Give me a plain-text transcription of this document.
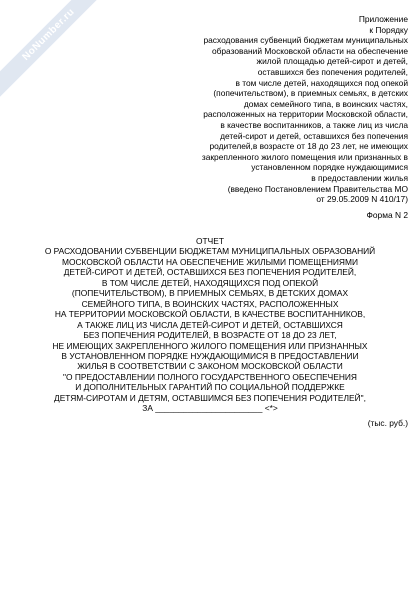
NoNumber.ru	Приложение
к Порядку
расходования субвенций бюджетам муниципальных
образований Московской области на обеспечение
жилой площадью детей-сирот и детей,
оставшихся без попечения родителей,
в том числе детей, находящихся под опекой
(попечительством), в приемных семьях, в детских
домах семейного типа, в воинских частях,
расположенных на территории Московской области,
в качестве воспитанников, а также лиц из числа
детей-сирот и детей, оставшихся без попечения
родителей,в возрасте от 18 до 23 лет, не имеющих
закрепленного жилого помещения или признанных в
установленном порядке нуждающимися
в предоставлении жилья
(введено Постановлением Правительства МО
от 29.05.2009 N 410/17)
Форма N 2
ОТЧЕТ
О РАСХОДОВАНИИ СУБВЕНЦИИ БЮДЖЕТАМ МУНИЦИПАЛЬНЫХ ОБРАЗОВАНИЙ
МОСКОВСКОЙ ОБЛАСТИ НА ОБЕСПЕЧЕНИЕ ЖИЛЫМИ ПОМЕЩЕНИЯМИ
ДЕТЕЙ-СИРОТ И ДЕТЕЙ, ОСТАВШИХСЯ БЕЗ ПОПЕЧЕНИЯ РОДИТЕЛЕЙ,
В ТОМ ЧИСЛЕ ДЕТЕЙ, НАХОДЯЩИХСЯ ПОД ОПЕКОЙ
(ПОПЕЧИТЕЛЬСТВОМ), В ПРИЕМНЫХ СЕМЬЯХ, В ДЕТСКИХ ДОМАХ
СЕМЕЙНОГО ТИПА, В ВОИНСКИХ ЧАСТЯХ, РАСПОЛОЖЕННЫХ
НА ТЕРРИТОРИИ МОСКОВСКОЙ ОБЛАСТИ, В КАЧЕСТВЕ ВОСПИТАННИКОВ,
А ТАКЖЕ ЛИЦ ИЗ ЧИСЛА ДЕТЕЙ-СИРОТ И ДЕТЕЙ, ОСТАВШИХСЯ
БЕЗ ПОПЕЧЕНИЯ РОДИТЕЛЕЙ, В ВОЗРАСТЕ ОТ 18 ДО 23 ЛЕТ,
НЕ ИМЕЮЩИХ ЗАКРЕПЛЕННОГО ЖИЛОГО ПОМЕЩЕНИЯ ИЛИ ПРИЗНАННЫХ
В УСТАНОВЛЕННОМ ПОРЯДКЕ НУЖДАЮЩИМИСЯ В ПРЕДОСТАВЛЕНИИ
ЖИЛЬЯ В СООТВЕТСТВИИ С ЗАКОНОМ МОСКОВСКОЙ ОБЛАСТИ
"О ПРЕДОСТАВЛЕНИИ ПОЛНОГО ГОСУДАРСТВЕННОГО ОБЕСПЕЧЕНИЯ
И ДОПОЛНИТЕЛЬНЫХ ГАРАНТИЙ ПО СОЦИАЛЬНОЙ ПОДДЕРЖКЕ
ДЕТЯМ-СИРОТАМ И ДЕТЯМ, ОСТАВШИМСЯ БЕЗ ПОПЕЧЕНИЯ РОДИТЕЛЕЙ",
ЗА _______________________ <*>
(тыс. руб.)
